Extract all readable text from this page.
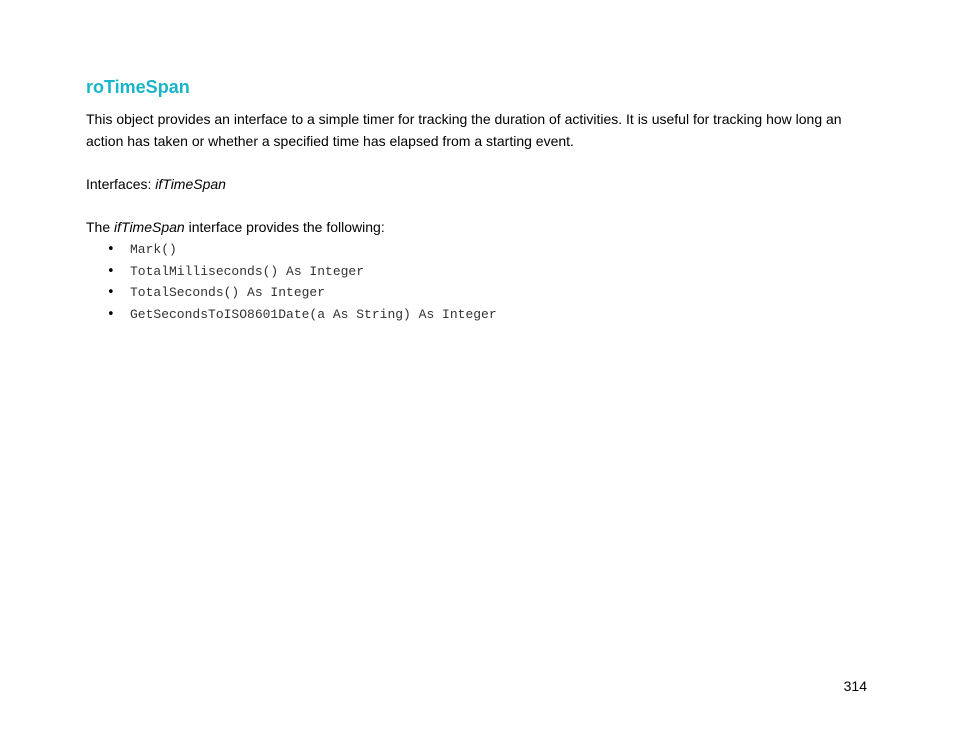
roTimeSpan

This object provides an interface to a simple timer for tracking the duration of activities. It is useful for tracking how long an action has taken or whether a specified time has elapsed from a starting event.

Interfaces: ifTimeSpan

The ifTimeSpan interface provides the following:

• Mark()
• TotalMilliseconds() As Integer
• TotalSeconds() As Integer
• GetSecondsToISO8601Date(a As String) As Integer

314
